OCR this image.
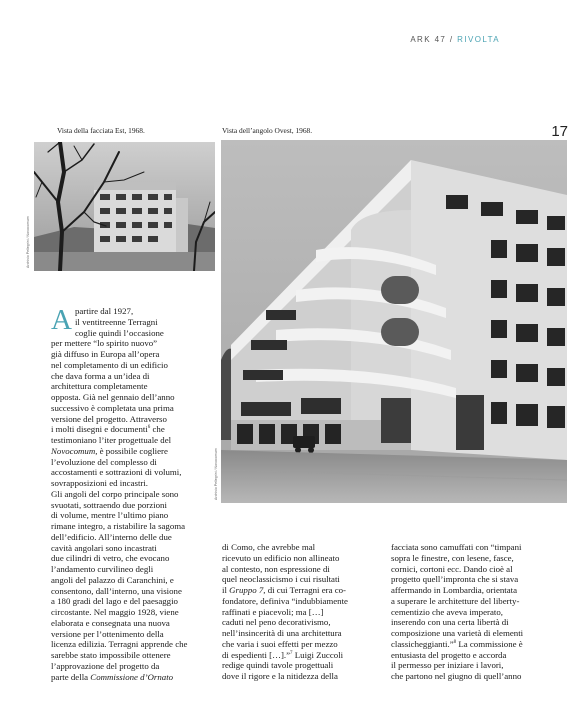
ARK 47 / RIVOLTA
17
Vista della facciata Est, 1968.	Vista dell’angolo Ovest, 1968.
Archivio Pellegrini / Novocomum
Archivio Pellegrini / Novocomum

A partire dal 1927,
il ventitreenne Terragni
coglie quindi l’occasione
per mettere “lo spirito nuovo”
già diffuso in Europa all’opera
nel completamento di un edificio
che dava forma a un’idea di
architettura completamente
opposta. Già nel gennaio dell’anno
successivo è completata una prima
versione del progetto. Attraverso
i molti disegni e documenti$^6$ che
testimoniano l’iter progettuale del
Novocomum, è possibile cogliere
l’evoluzione del complesso di
accostamenti e sottrazioni di volumi,
sovrapposizioni ed incastri.
Gli angoli del corpo principale sono
svuotati, sottraendo due porzioni
di volume, mentre l’ultimo piano
rimane integro, a ristabilire la sagoma
dell’edificio. All’interno delle due
cavità angolari sono incastrati
due cilindri di vetro, che evocano
l’andamento curvilineo degli
angoli del palazzo di Caranchini, e
consentono, dall’interno, una visione
a 180 gradi del lago e del paesaggio
circostante. Nel maggio 1928, viene
elaborata e consegnata una nuova
versione per l’ottenimento della
licenza edilizia. Terragni apprende che
sarebbe stato impossibile ottenere
l’approvazione del progetto da
parte della Commissione d’Ornato

di Como, che avrebbe mal
ricevuto un edificio non allineato
al contesto, non espressione di
quel neoclassicismo i cui risultati
il Gruppo 7, di cui Terragni era co-
fondatore, definiva “indubbiamente
raffinati e piacevoli; ma […]
caduti nel peno decorativismo,
nell’insincerità di una architettura
che varia i suoi effetti per mezzo
di espedienti […].”$^7$ Luigi Zuccoli
redige quindi tavole progettuali
dove il rigore e la nitidezza della

facciata sono camuffati con “timpani
sopra le finestre, con lesene, fasce,
cornici, cortoni ecc. Dando cioè al
progetto quell’impronta che si stava
affermando in Lombardia, orientata
a superare le architetture del liberty-
cementizio che aveva imperato,
inserendo con una certa libertà di
composizione una varietà di elementi
classicheggianti.”$^8$ La commissione è
entusiasta del progetto e accorda
il permesso per iniziare i lavori,
che partono nel giugno di quell’anno
